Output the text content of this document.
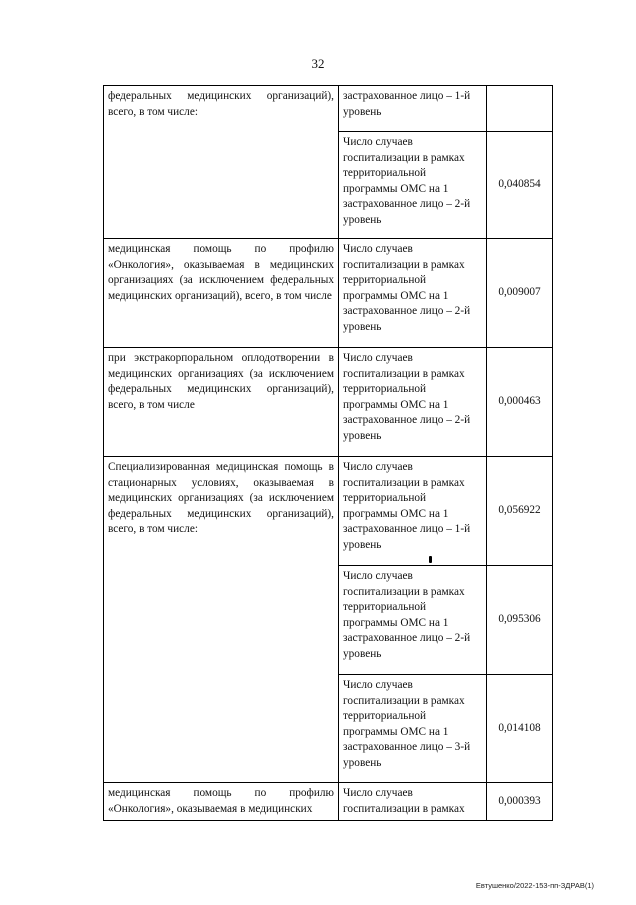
32
федеральных медицинских организаций), всего, в том числе:	застрахованное лицо – 1-й уровень	
	Число случаев госпитализации в рамках территориальной программы ОМС на 1 застрахованное лицо – 2-й уровень	0,040854
медицинская помощь по профилю «Онкология», оказываемая в медицинских организациях (за исключением федеральных медицинских организаций), всего, в том числе	Число случаев госпитализации в рамках территориальной программы ОМС на 1 застрахованное лицо – 2-й уровень	0,009007
при экстракорпоральном оплодотворении в медицинских организациях (за исключением федеральных медицинских организаций), всего, в том числе	Число случаев госпитализации в рамках территориальной программы ОМС на 1 застрахованное лицо – 2-й уровень	0,000463
Специализированная медицинская помощь в стационарных условиях, оказываемая в медицинских организациях (за исключением федеральных медицинских организаций), всего, в том числе:	Число случаев госпитализации в рамках территориальной программы ОМС на 1 застрахованное лицо – 1-й уровень	0,056922
	Число случаев госпитализации в рамках территориальной программы ОМС на 1 застрахованное лицо – 2-й уровень	0,095306
	Число случаев госпитализации в рамках территориальной программы ОМС на 1 застрахованное лицо – 3-й уровень	0,014108
медицинская помощь по профилю «Онкология», оказываемая в медицинских	Число случаев госпитализации в рамках	0,000393
Евтушенко/2022-153-пп-ЗДРАВ(1)
